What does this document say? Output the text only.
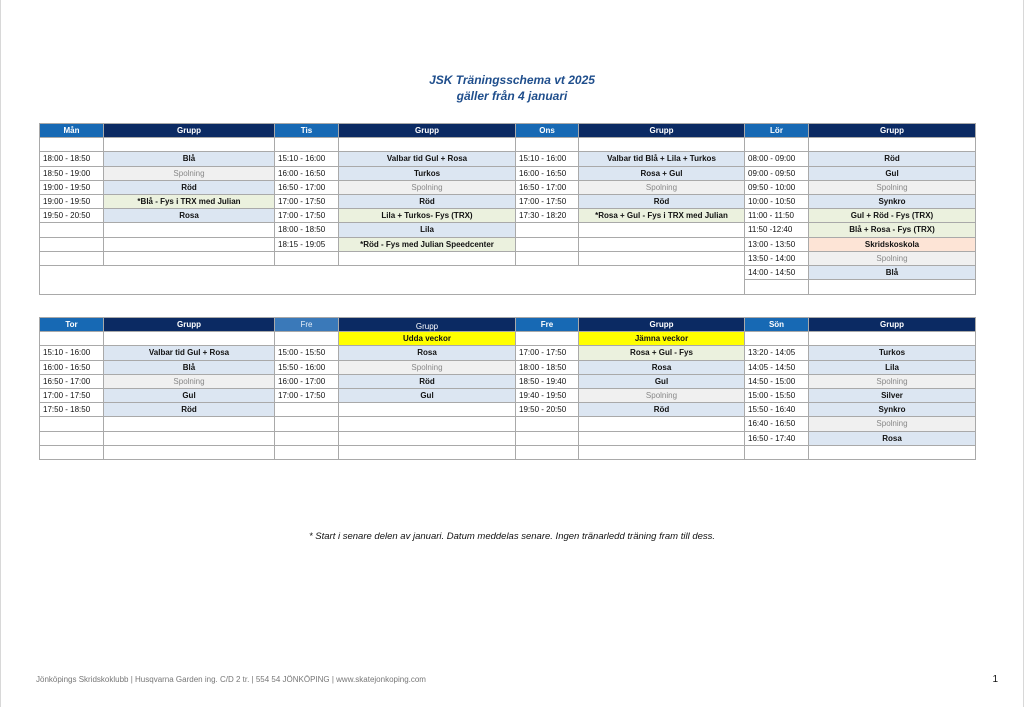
JSK Träningsschema vt 2025
gäller från 4 januari
Mån	Grupp	Tis	Grupp	Ons	Grupp	Lör	Grupp

18:00 - 18:50	Blå	15:10 - 16:00	Valbar tid Gul + Rosa	15:10 - 16:00	Valbar tid Blå + Lila + Turkos	08:00 - 09:00	Röd
18:50 - 19:00	Spolning	16:00 - 16:50	Turkos	16:00 - 16:50	Rosa + Gul	09:00 - 09:50	Gul
19:00 - 19:50	Röd	16:50 - 17:00	Spolning	16:50 - 17:00	Spolning	09:50 - 10:00	Spolning
19:00 - 19:50	*Blå - Fys i TRX med Julian	17:00 - 17:50	Röd	17:00 - 17:50	Röd	10:00 - 10:50	Synkro
19:50 - 20:50	Rosa	17:00 - 17:50	Lila + Turkos- Fys (TRX)	17:30 - 18:20	*Rosa + Gul - Fys i TRX med Julian	11:00 - 11:50	Gul + Röd - Fys (TRX)
		18:00 - 18:50	Lila			11:50 -12:40	Blå + Rosa - Fys (TRX)
		18:15 - 19:05	*Röd - Fys med Julian Speedcenter			13:00 - 13:50	Skridskoskola
						13:50 - 14:00	Spolning
						14:00 - 14:50	Blå

Tor	Grupp	Fre	Grupp	Fre	Grupp	Sön	Grupp
			Udda veckor		Jämna veckor		
15:10 - 16:00	Valbar tid Gul + Rosa	15:00 - 15:50	Rosa	17:00 - 17:50	Rosa + Gul - Fys	13:20 - 14:05	Turkos
16:00 - 16:50	Blå	15:50 - 16:00	Spolning	18:00 - 18:50	Rosa	14:05 - 14:50	Lila
16:50 - 17:00	Spolning	16:00 - 17:00	Röd	18:50 - 19:40	Gul	14:50 - 15:00	Spolning
17:00 - 17:50	Gul	17:00 - 17:50	Gul	19:40 - 19:50	Spolning	15:00 - 15:50	Silver
17:50 - 18:50	Röd			19:50 - 20:50	Röd	15:50 - 16:40	Synkro
						16:40 - 16:50	Spolning
						16:50 - 17:40	Rosa

* Start i senare delen av januari. Datum meddelas senare. Ingen tränarledd träning fram till dess.
Jönköpings Skridskoklubb | Husqvarna Garden ing. C/D 2 tr. | 554 54 JÖNKÖPING | www.skatejonkoping.com	1
